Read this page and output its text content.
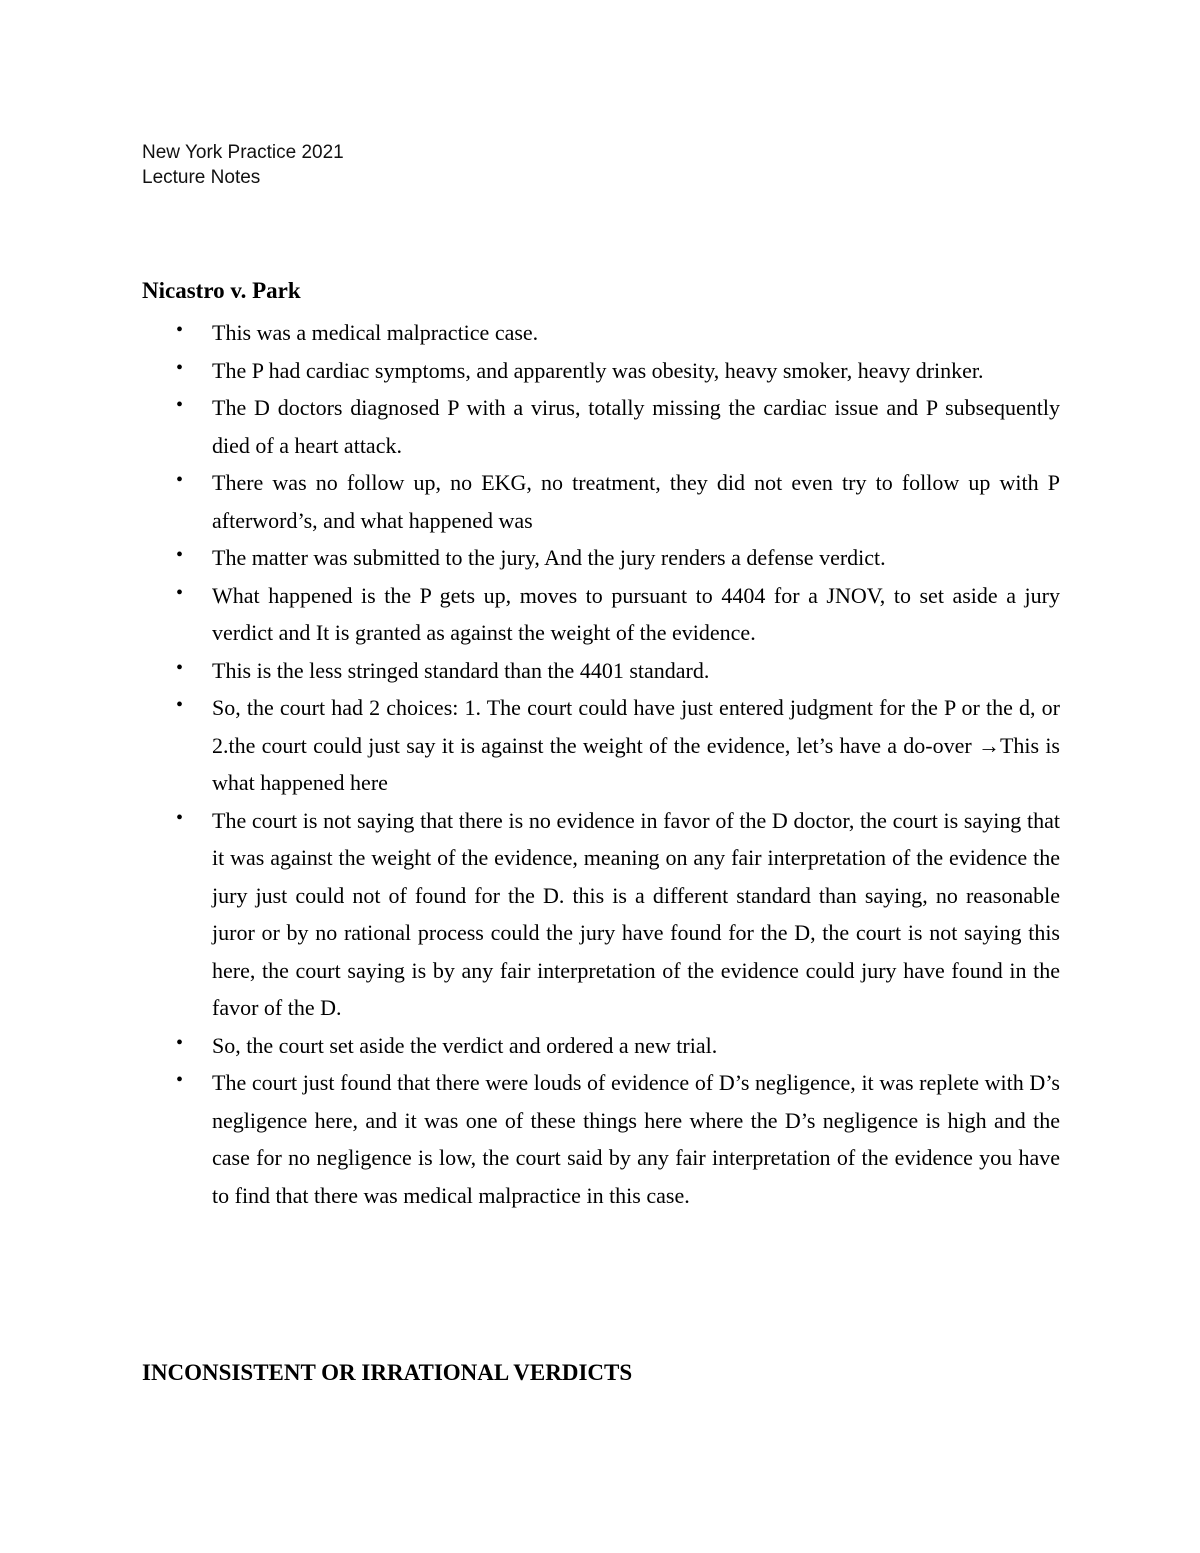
New York Practice 2021
Lecture Notes
Nicastro v. Park
• This was a medical malpractice case.
• The P had cardiac symptoms, and apparently was obesity, heavy smoker, heavy drinker.
• The D doctors diagnosed P with a virus, totally missing the cardiac issue and P subsequently died of a heart attack.
• There was no follow up, no EKG, no treatment, they did not even try to follow up with P afterword’s, and what happened was
• The matter was submitted to the jury, And the jury renders a defense verdict.
• What happened is the P gets up, moves to pursuant to 4404 for a JNOV, to set aside a jury verdict and It is granted as against the weight of the evidence.
• This is the less stringed standard than the 4401 standard.
• So, the court had 2 choices: 1. The court could have just entered judgment for the P or the d, or 2.the court could just say it is against the weight of the evidence, let’s have a do-over →This is what happened here
• The court is not saying that there is no evidence in favor of the D doctor, the court is saying that it was against the weight of the evidence, meaning on any fair interpretation of the evidence the jury just could not of found for the D. this is a different standard than saying, no reasonable juror or by no rational process could the jury have found for the D, the court is not saying this here, the court saying is by any fair interpretation of the evidence could jury have found in the favor of the D.
• So, the court set aside the verdict and ordered a new trial.
• The court just found that there were louds of evidence of D’s negligence, it was replete with D’s negligence here, and it was one of these things here where the D’s negligence is high and the case for no negligence is low, the court said by any fair interpretation of the evidence you have to find that there was medical malpractice in this case.
INCONSISTENT OR IRRATIONAL VERDICTS
